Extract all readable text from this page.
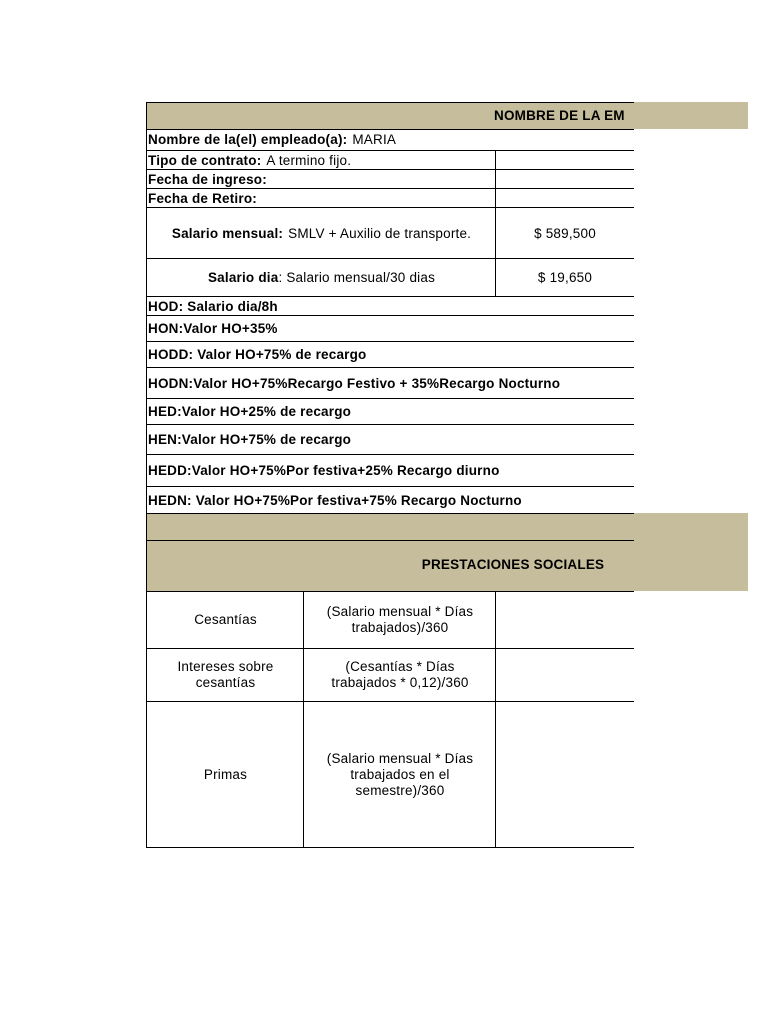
NOMBRE DE LA EM
Nombre de la(el) empleado(a): MARIA
Tipo de contrato: A termino fijo.
Fecha de ingreso:
Fecha de Retiro:
Salario mensual: SMLV + Auxilio de transporte.	$ 589,500
Salario dia : Salario mensual/30 dias	$ 19,650
HOD: Salario dia/8h
HON:Valor HO+35%
HODD: Valor HO+75% de recargo
HODN:Valor HO+75%Recargo Festivo + 35%Recargo Nocturno
HED:Valor HO+25% de recargo
HEN:Valor HO+75% de recargo
HEDD:Valor HO+75%Por festiva+25% Recargo diurno
HEDN: Valor HO+75%Por festiva+75% Recargo Nocturno
PRESTACIONES SOCIALES
Cesantías
(Salario mensual * Días trabajados)/360
Intereses sobre cesantías
(Cesantías * Días trabajados * 0,12)/360
Primas
(Salario mensual * Días trabajados en el semestre)/360
